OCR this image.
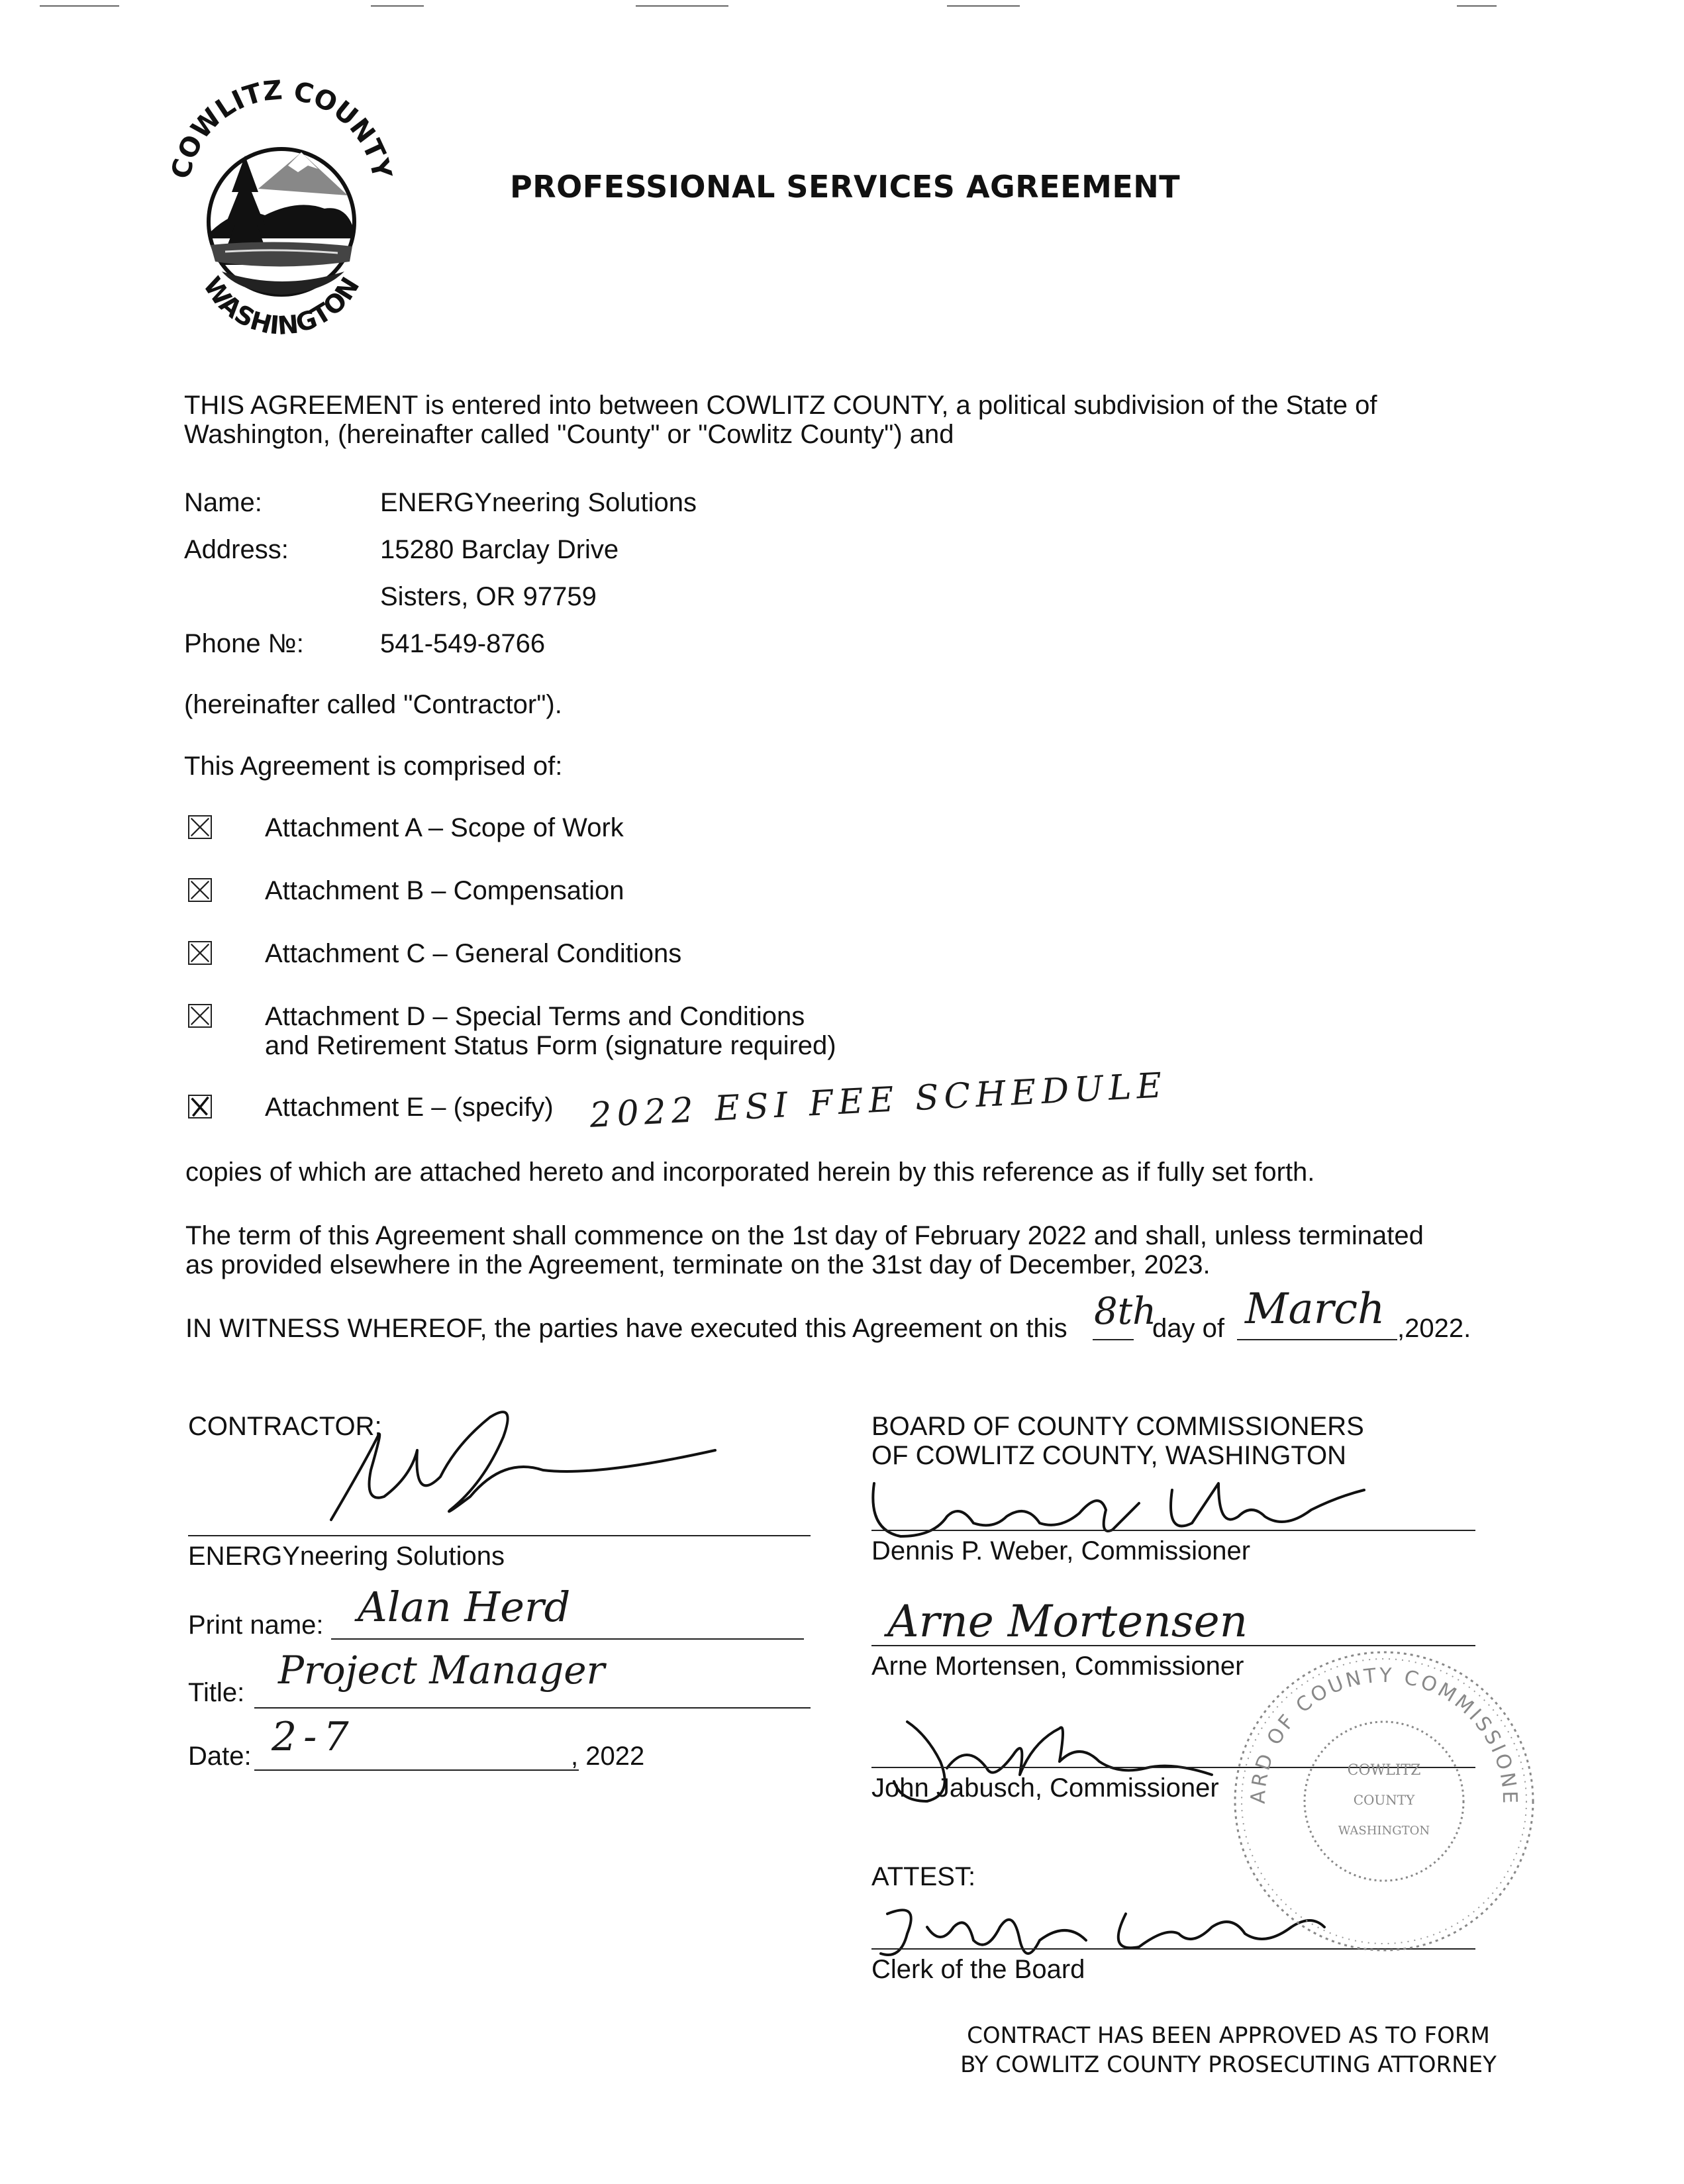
COWLITZ COUNTY
WASHINGTON
PROFESSIONAL SERVICES AGREEMENT
THIS AGREEMENT is entered into between COWLITZ COUNTY, a political subdivision of the State of
Washington, (hereinafter called "County" or "Cowlitz County") and
Name:	ENERGYneering Solutions
Address:	15280 Barclay Drive
Sisters, OR 97759
Phone №:	541-549-8766
(hereinafter called "Contractor").
This Agreement is comprised of:
Attachment A – Scope of Work
Attachment B – Compensation
Attachment C – General Conditions
Attachment D – Special Terms and Conditions
and Retirement Status Form (signature required)
Attachment E – (specify) 2022 ESI FEE SCHEDULE
copies of which are attached hereto and incorporated herein by this reference as if fully set forth.
The term of this Agreement shall commence on the 1st day of February 2022 and shall, unless terminated
as provided elsewhere in the Agreement, terminate on the 31st day of December, 2023.
IN WITNESS WHEREOF, the parties have executed this Agreement on this 8th
day of March ,2022.
CONTRACTOR:
ENERGYneering Solutions
Print name: Alan Herd
Title: Project Manager
Date: 2-7	, 2022
BOARD OF COUNTY COMMISSIONERS
OF COWLITZ COUNTY, WASHINGTON
Dennis P. Weber, Commissioner
Arne Mortensen
Arne Mortensen, Commissioner
John Jabusch, Commissioner
ATTEST:
Clerk of the Board
ARD OF COUNTY COMMISSIONE
COWLITZ
COUNTY
WASHINGTON
CONTRACT HAS BEEN APPROVED AS TO FORM
BY COWLITZ COUNTY PROSECUTING ATTORNEY
